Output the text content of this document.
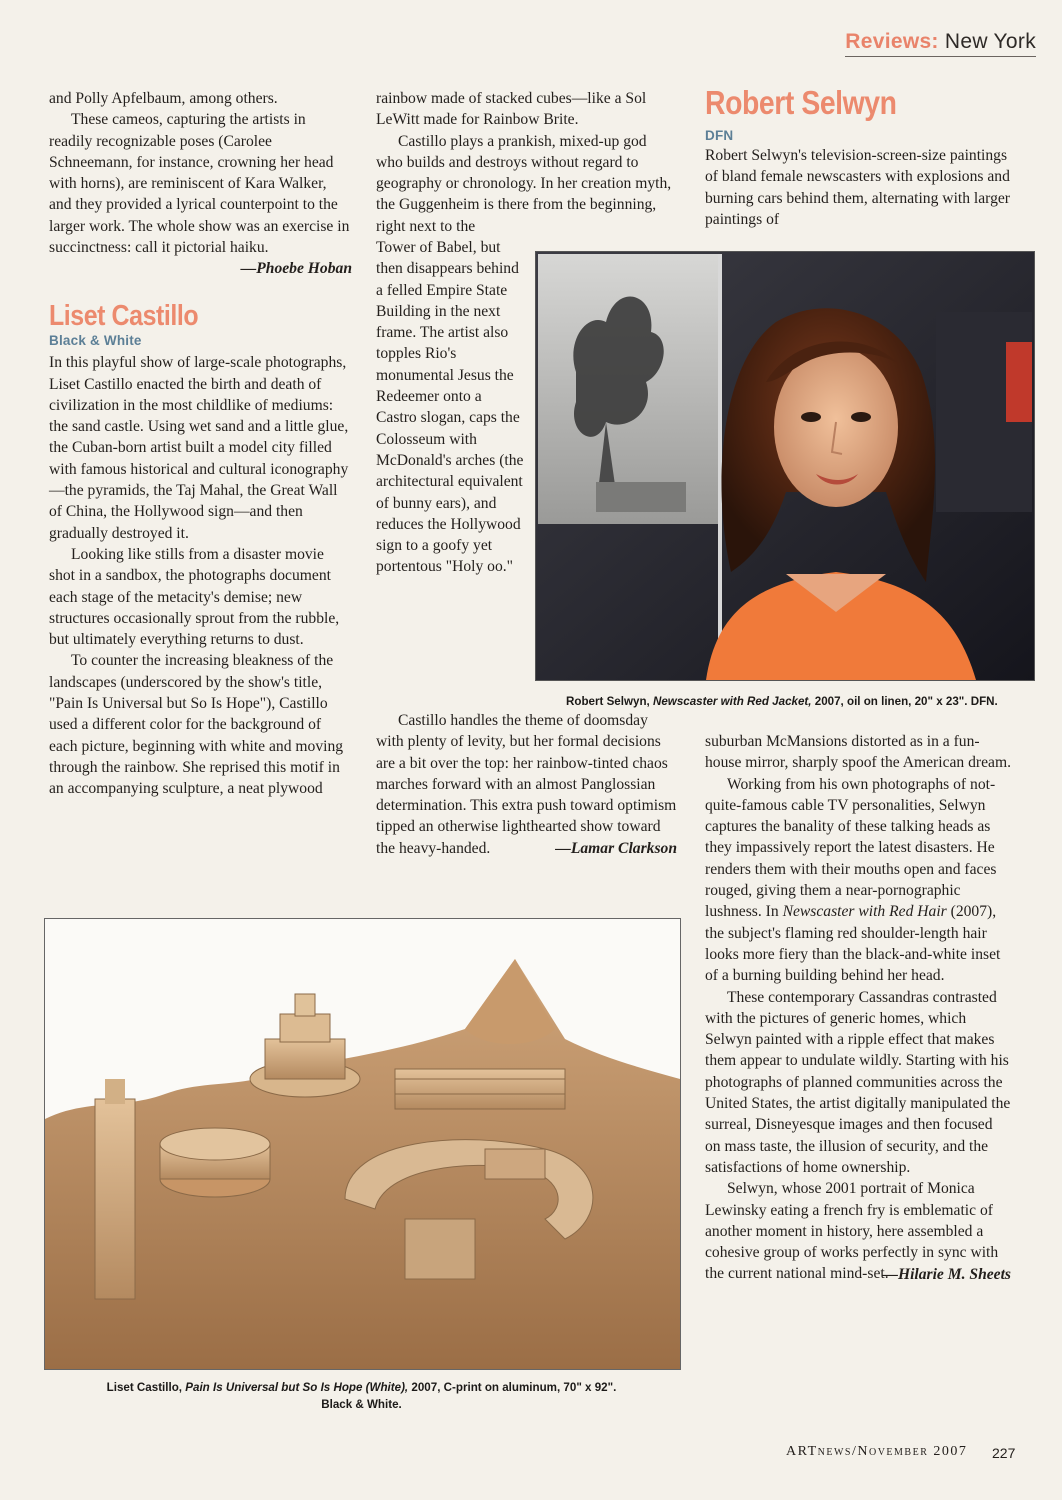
Reviews: New York

and Polly Apfelbaum, among others.

These cameos, capturing the artists in readily recognizable poses (Carolee Schneemann, for instance, crowning her head with horns), are reminiscent of Kara Walker, and they provided a lyrical counterpoint to the larger work. The whole show was an exercise in succinctness: call it pictorial haiku.

—Phoebe Hoban
Liset Castillo
Black & White

In this playful show of large-scale photographs, Liset Castillo enacted the birth and death of civilization in the most childlike of mediums: the sand castle. Using wet sand and a little glue, the Cuban-born artist built a model city filled with famous historical and cultural iconography—the pyramids, the Taj Mahal, the Great Wall of China, the Hollywood sign—and then gradually destroyed it.

Looking like stills from a disaster movie shot in a sandbox, the photographs document each stage of the metacity's demise; new structures occasionally sprout from the rubble, but ultimately everything returns to dust.

To counter the increasing bleakness of the landscapes (underscored by the show's title, "Pain Is Universal but So Is Hope"), Castillo used a different color for the background of each picture, beginning with white and moving through the rainbow. She reprised this motif in an accompanying sculpture, a neat plywood

rainbow made of stacked cubes—like a Sol LeWitt made for Rainbow Brite.

Castillo plays a prankish, mixed-up god who builds and destroys without regard to geography or chronology. In her creation myth, the Guggenheim is there from the beginning, right next to the

Tower of Babel, but then disappears behind a felled Empire State Building in the next frame. The artist also topples Rio's monumental Jesus the Redeemer onto a Castro slogan, caps the Colosseum with McDonald's arches (the architectural equivalent of bunny ears), and reduces the Hollywood sign to a goofy yet portentous "Holy oo."

Castillo handles the theme of doomsday with plenty of levity, but her formal decisions are a bit over the top: her rainbow-tinted chaos marches forward with an almost Panglossian determination. This extra push toward optimism tipped an otherwise lighthearted show toward the heavy-handed.	—Lamar Clarkson
Robert Selwyn
DFN

Robert Selwyn's television-screen-size paintings of bland female newscasters with explosions and burning cars behind them, alternating with larger paintings of

Robert Selwyn, Newscaster with Red Jacket, 2007, oil on linen, 20" x 23". DFN.

suburban McMansions distorted as in a fun-house mirror, sharply spoof the American dream.

Working from his own photographs of not-quite-famous cable TV personalities, Selwyn captures the banality of these talking heads as they impassively report the latest disasters. He renders them with their mouths open and faces rouged, giving them a near-pornographic lushness. In Newscaster with Red Hair (2007), the subject's flaming red shoulder-length hair looks more fiery than the black-and-white inset of a burning building behind her head.

These contemporary Cassandras contrasted with the pictures of generic homes, which Selwyn painted with a ripple effect that makes them appear to undulate wildly. Starting with his photographs of planned communities across the United States, the artist digitally manipulated the surreal, Disneyesque images and then focused on mass taste, the illusion of security, and the satisfactions of home ownership.

Selwyn, whose 2001 portrait of Monica Lewinsky eating a french fry is emblematic of another moment in history, here assembled a cohesive group of works perfectly in sync with the current national mind-set.

—Hilarie M. Sheets
Liset Castillo, Pain Is Universal but So Is Hope (White), 2007, C-print on aluminum, 70" x 92".
Black & White.
ARTnews/November 2007 227
